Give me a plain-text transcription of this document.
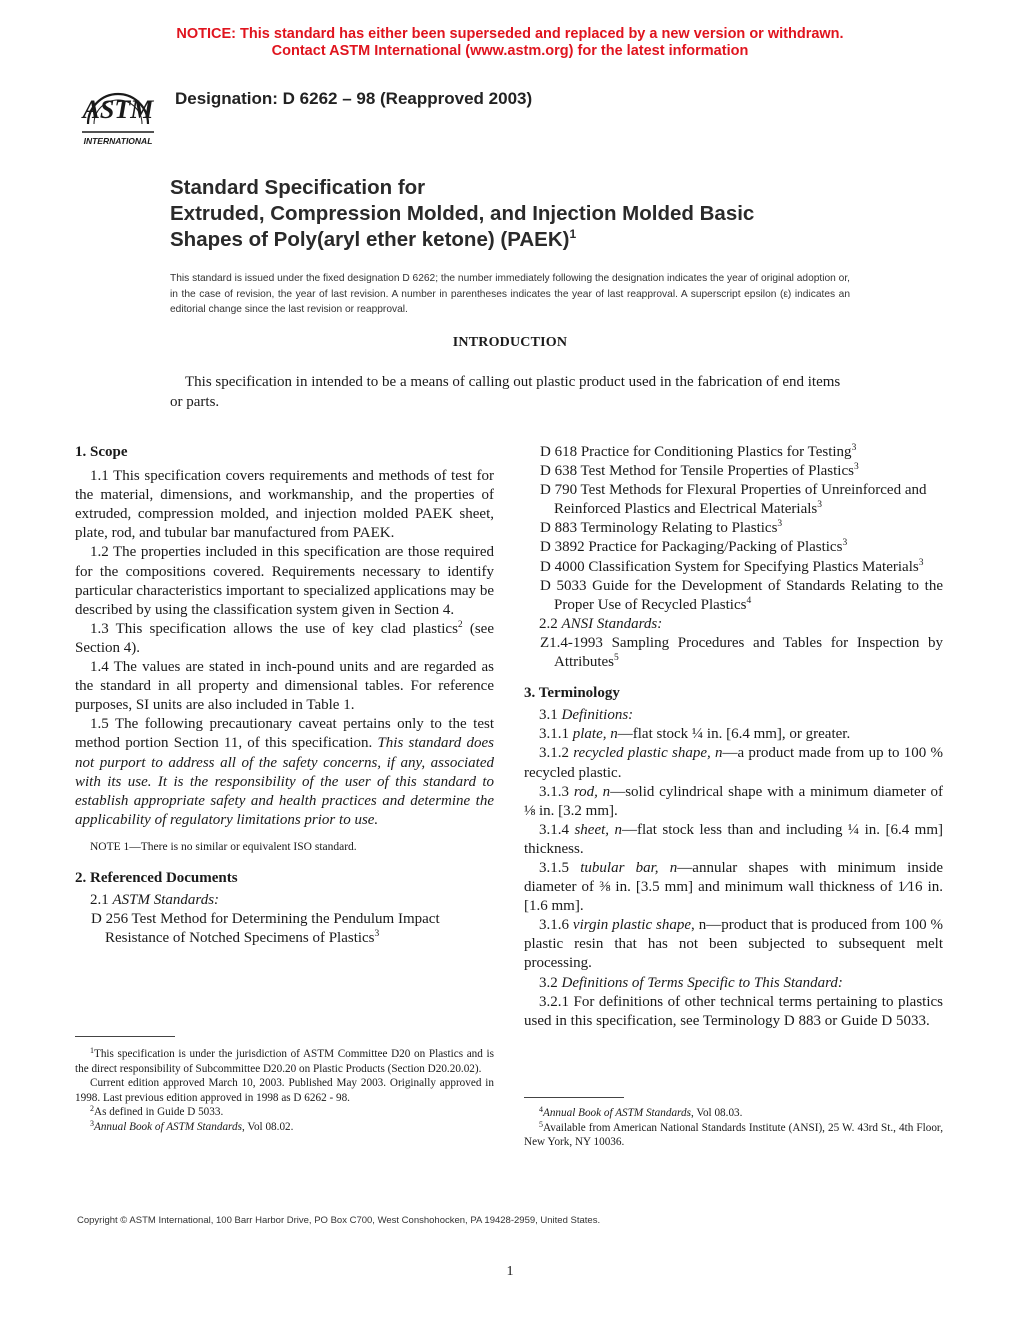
NOTICE: This standard has either been superseded and replaced by a new version or withdrawn.
Contact ASTM International (www.astm.org) for the latest information
ASTM
INTERNATIONAL
Designation: D 6262 – 98 (Reapproved 2003)
Standard Specification for
Extruded, Compression Molded, and Injection Molded Basic
Shapes of Poly(aryl ether ketone) (PAEK)$^1$
This standard is issued under the fixed designation D 6262; the number immediately following the designation indicates the year of original adoption or, in the case of revision, the year of last revision. A number in parentheses indicates the year of last reapproval. A superscript epsilon (ε) indicates an editorial change since the last revision or reapproval.
INTRODUCTION

This specification in intended to be a means of calling out plastic product used in the fabrication of end items or parts.

1. Scope

1.1 This specification covers requirements and methods of test for the material, dimensions, and workmanship, and the properties of extruded, compression molded, and injection molded PAEK sheet, plate, rod, and tubular bar manufactured from PAEK.

1.2 The properties included in this specification are those required for the compositions covered. Requirements necessary to identify particular characteristics important to specialized applications may be described by using the classification system given in Section 4.

1.3 This specification allows the use of key clad plastics$^2$ (see Section 4).

1.4 The values are stated in inch-pound units and are regarded as the standard in all property and dimensional tables. For reference purposes, SI units are also included in Table 1.

1.5 The following precautionary caveat pertains only to the test method portion Section 11, of this specification. This standard does not purport to address all of the safety concerns, if any, associated with its use. It is the responsibility of the user of this standard to establish appropriate safety and health practices and determine the applicability of regulatory limitations prior to use.

NOTE 1—There is no similar or equivalent ISO standard.

2. Referenced Documents

2.1 ASTM Standards:

D 256 Test Method for Determining the Pendulum Impact Resistance of Notched Specimens of Plastics$^3$

$^1$This specification is under the jurisdiction of ASTM Committee D20 on Plastics and is the direct responsibility of Subcommittee D20.20 on Plastic Products (Section D20.20.02).

Current edition approved March 10, 2003. Published May 2003. Originally approved in 1998. Last previous edition approved in 1998 as D 6262 - 98.

$^2$As defined in Guide D 5033.

$^3$Annual Book of ASTM Standards, Vol 08.02.

D 618 Practice for Conditioning Plastics for Testing$^3$

D 638 Test Method for Tensile Properties of Plastics$^3$

D 790 Test Methods for Flexural Properties of Unreinforced and Reinforced Plastics and Electrical Materials$^3$

D 883 Terminology Relating to Plastics$^3$

D 3892 Practice for Packaging/Packing of Plastics$^3$

D 4000 Classification System for Specifying Plastics Materials$^3$

D 5033 Guide for the Development of Standards Relating to the Proper Use of Recycled Plastics$^4$

2.2 ANSI Standards:

Z1.4-1993 Sampling Procedures and Tables for Inspection by Attributes$^5$

3. Terminology

3.1 Definitions:

3.1.1 plate, n—flat stock ¼ in. [6.4 mm], or greater.

3.1.2 recycled plastic shape, n—a product made from up to 100 % recycled plastic.

3.1.3 rod, n—solid cylindrical shape with a minimum diameter of ⅛ in. [3.2 mm].

3.1.4 sheet, n—flat stock less than and including ¼ in. [6.4 mm] thickness.

3.1.5 tubular bar, n—annular shapes with minimum inside diameter of ⅜ in. [3.5 mm] and minimum wall thickness of 1⁄16 in. [1.6 mm].

3.1.6 virgin plastic shape, n—product that is produced from 100 % plastic resin that has not been subjected to subsequent melt processing.

3.2 Definitions of Terms Specific to This Standard:

3.2.1 For definitions of other technical terms pertaining to plastics used in this specification, see Terminology D 883 or Guide D 5033.

$^4$Annual Book of ASTM Standards, Vol 08.03.

$^5$Available from American National Standards Institute (ANSI), 25 W. 43rd St., 4th Floor, New York, NY 10036.

Copyright © ASTM International, 100 Barr Harbor Drive, PO Box C700, West Conshohocken, PA 19428-2959, United States.
1
